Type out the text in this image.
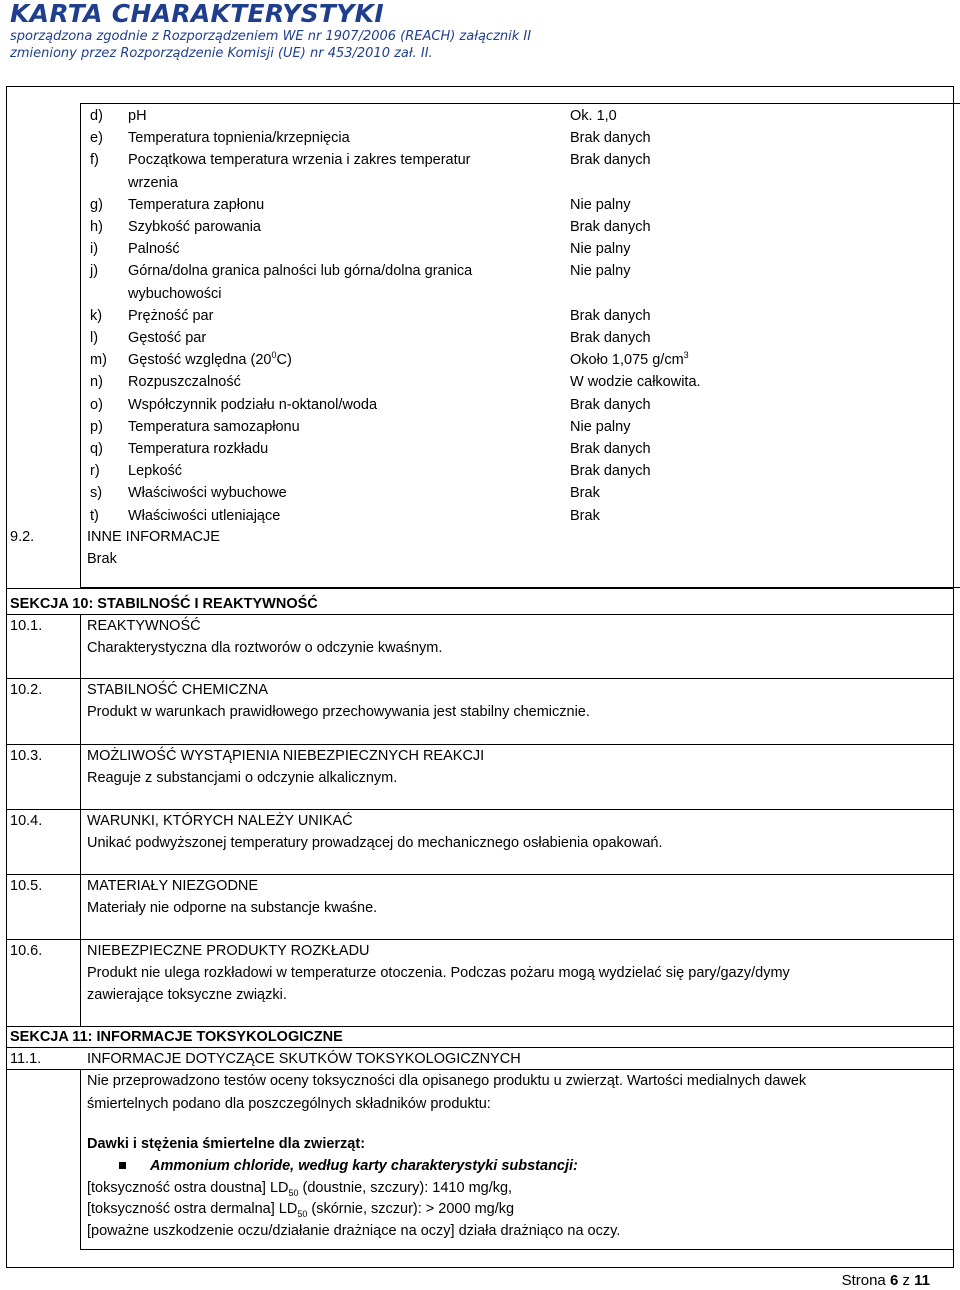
KARTA CHARAKTERYSTYKI
sporządzona zgodnie z Rozporządzeniem WE nr 1907/2006 (REACH) załącznik II
zmieniony przez Rozporządzenie Komisji (UE) nr 453/2010 zał. II.
d) pH	Ok. 1,0
e) Temperatura topnienia/krzepnięcia	Brak danych
f) Początkowa temperatura wrzenia i zakres temperatur	Brak danych
wrzenia
g) Temperatura zapłonu	Nie palny
h) Szybkość parowania	Brak danych
i) Palność	Nie palny
j) Górna/dolna granica palności lub górna/dolna granica	Nie palny
wybuchowości
k) Prężność par	Brak danych
l) Gęstość par	Brak danych
m) Gęstość względna $(20^0C)$	Około 1,075 $g/cm^3$
n) Rozpuszczalność	W wodzie całkowita.
o) Współczynnik podziału n-oktanol/woda	Brak danych
p) Temperatura samozapłonu	Nie palny
q) Temperatura rozkładu	Brak danych
r) Lepkość	Brak danych
s) Właściwości wybuchowe	Brak
t) Właściwości utleniające	Brak
9.2.	INNE INFORMACJE
Brak
SEKCJA 10: STABILNOŚĆ I REAKTYWNOŚĆ
10.1.	REAKTYWNOŚĆ
Charakterystyczna dla roztworów o odczynie kwaśnym.
10.2.	STABILNOŚĆ CHEMICZNA
Produkt w warunkach prawidłowego przechowywania jest stabilny chemicznie.
10.3.	MOŻLIWOŚĆ WYSTĄPIENIA NIEBEZPIECZNYCH REAKCJI
Reaguje z substancjami o odczynie alkalicznym.
10.4.	WARUNKI, KTÓRYCH NALEŻY UNIKAĆ
Unikać podwyższonej temperatury prowadzącej do mechanicznego osłabienia opakowań.
10.5.	MATERIAŁY NIEZGODNE
Materiały nie odporne na substancje kwaśne.
10.6.	NIEBEZPIECZNE PRODUKTY ROZKŁADU
Produkt nie ulega rozkładowi w temperaturze otoczenia. Podczas pożaru mogą wydzielać się pary/gazy/dymy
zawierające toksyczne związki.
SEKCJA 11: INFORMACJE TOKSYKOLOGICZNE
11.1.	INFORMACJE DOTYCZĄCE SKUTKÓW TOKSYKOLOGICZNYCH
Nie przeprowadzono testów oceny toksyczności dla opisanego produktu u zwierząt. Wartości medialnych dawek
śmiertelnych podano dla poszczególnych składników produktu:
Dawki i stężenia śmiertelne dla zwierząt:
Ammonium chloride, według karty charakterystyki substancji:
[toksyczność ostra doustna] $LD_{50}$ (doustnie, szczury): 1410 mg/kg,
[toksyczność ostra dermalna] $LD_{50}$ (skórnie, szczur): > 2000 mg/kg
[poważne uszkodzenie oczu/działanie drażniące na oczy] działa drażniąco na oczy.
Strona 6 z 11
